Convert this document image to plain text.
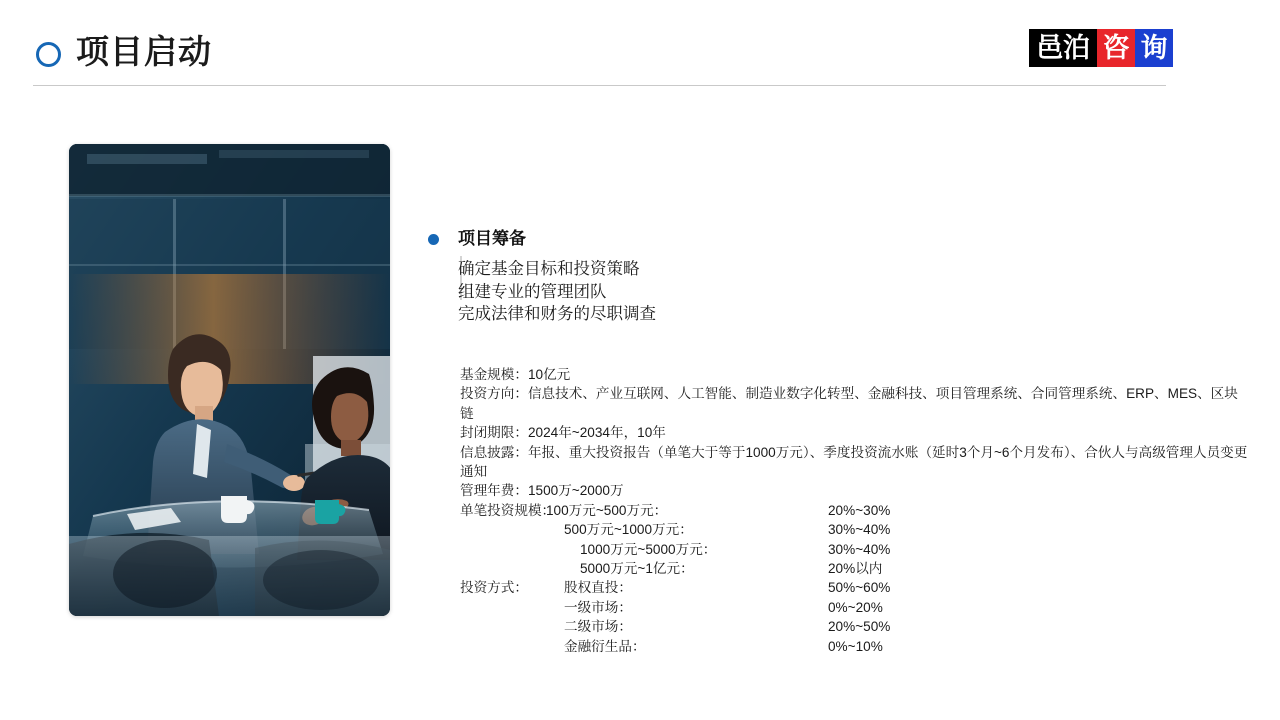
项目启动	邑泊 咨 询
项目筹备
确定基金目标和投资策略
组建专业的管理团队
完成法律和财务的尽职调查

基金规模：10亿元

投资方向：信息技术、产业互联网、人工智能、制造业数字化转型、金融科技、项目管理系统、合同管理系统、ERP、MES、区块链

封闭期限：2024年~2034年，10年

信息披露：年报、重大投资报告（单笔大于等于1000万元）、季度投资流水账（延时3个月~6个月发布）、合伙人与高级管理人员变更通知

管理年费：1500万~2000万

单笔投资规模：
100万元~500万元：	20%~30%
500万元~1000万元：	30%~40%
1000万元~5000万元：	30%~40%
5000万元~1亿元：	20%以内
投资方式：	股权直投：	50%~60%
一级市场：	0%~20%
二级市场：	20%~50%
金融衍生品：	0%~10%
